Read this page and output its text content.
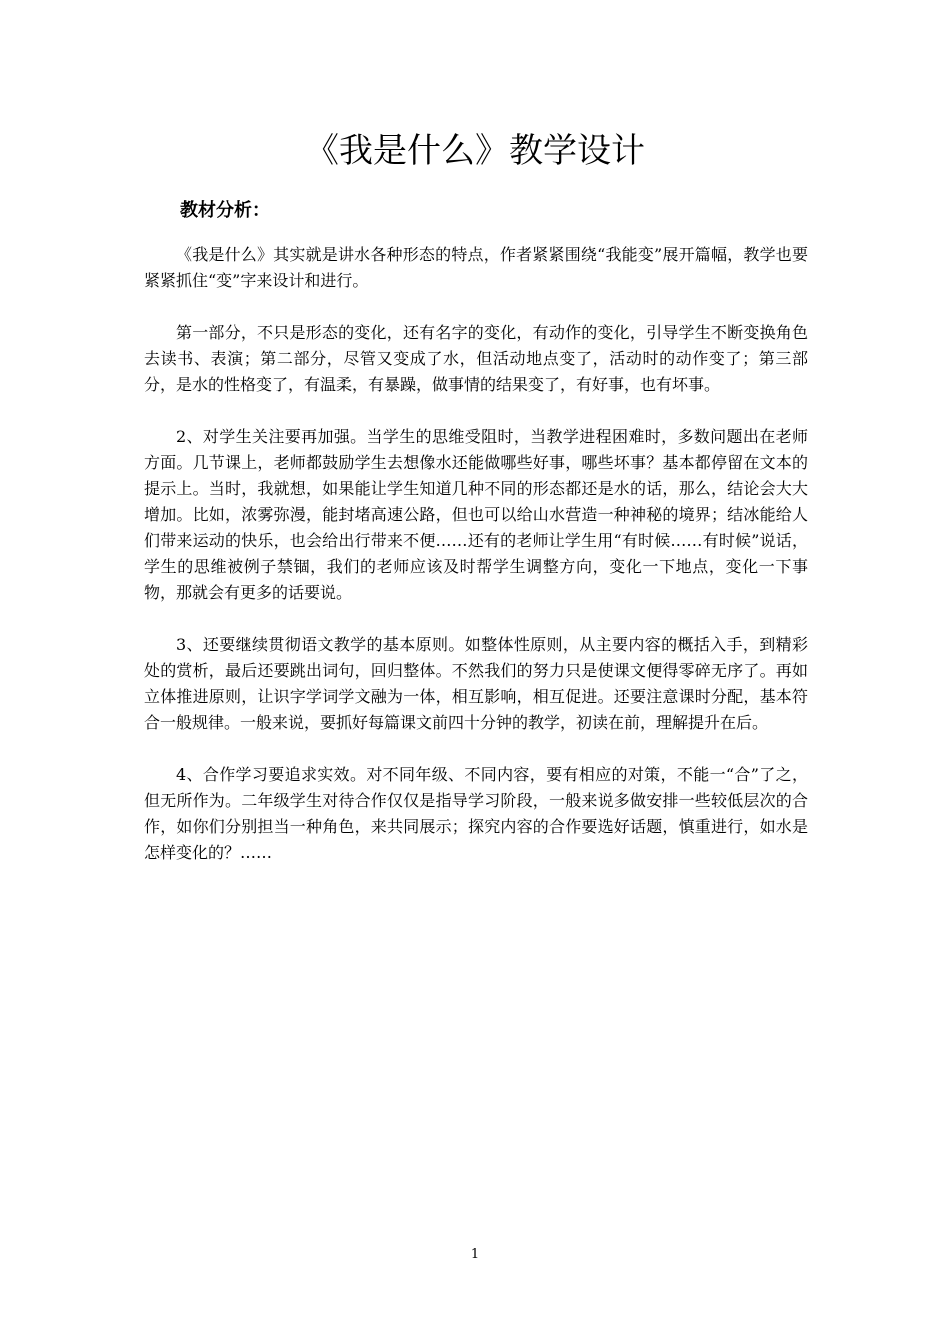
《我是什么》教学设计
教材分析：

《我是什么》其实就是讲水各种形态的特点，作者紧紧围绕“我能变”展开篇幅，教学也要紧紧抓住“变”字来设计和进行。

第一部分，不只是形态的变化，还有名字的变化，有动作的变化，引导学生不断变换角色去读书、表演；第二部分，尽管又变成了水，但活动地点变了，活动时的动作变了；第三部分，是水的性格变了，有温柔，有暴躁，做事情的结果变了，有好事，也有坏事。

2、对学生关注要再加强。当学生的思维受阻时，当教学进程困难时，多数问题出在老师方面。几节课上，老师都鼓励学生去想像水还能做哪些好事，哪些坏事？基本都停留在文本的提示上。当时，我就想，如果能让学生知道几种不同的形态都还是水的话，那么，结论会大大增加。比如，浓雾弥漫，能封堵高速公路，但也可以给山水营造一种神秘的境界；结冰能给人们带来运动的快乐，也会给出行带来不便……还有的老师让学生用“有时候……有时候”说话，学生的思维被例子禁锢，我们的老师应该及时帮学生调整方向，变化一下地点，变化一下事物，那就会有更多的话要说。

3、还要继续贯彻语文教学的基本原则。如整体性原则，从主要内容的概括入手，到精彩处的赏析，最后还要跳出词句，回归整体。不然我们的努力只是使课文便得零碎无序了。再如立体推进原则，让识字学词学文融为一体，相互影响，相互促进。还要注意课时分配，基本符合一般规律。一般来说，要抓好每篇课文前四十分钟的教学，初读在前，理解提升在后。

4、合作学习要追求实效。对不同年级、不同内容，要有相应的对策，不能一“合”了之，但无所作为。二年级学生对待合作仅仅是指导学习阶段，一般来说多做安排一些较低层次的合作，如你们分别担当一种角色，来共同展示；探究内容的合作要选好话题，慎重进行，如水是怎样变化的？……

1
